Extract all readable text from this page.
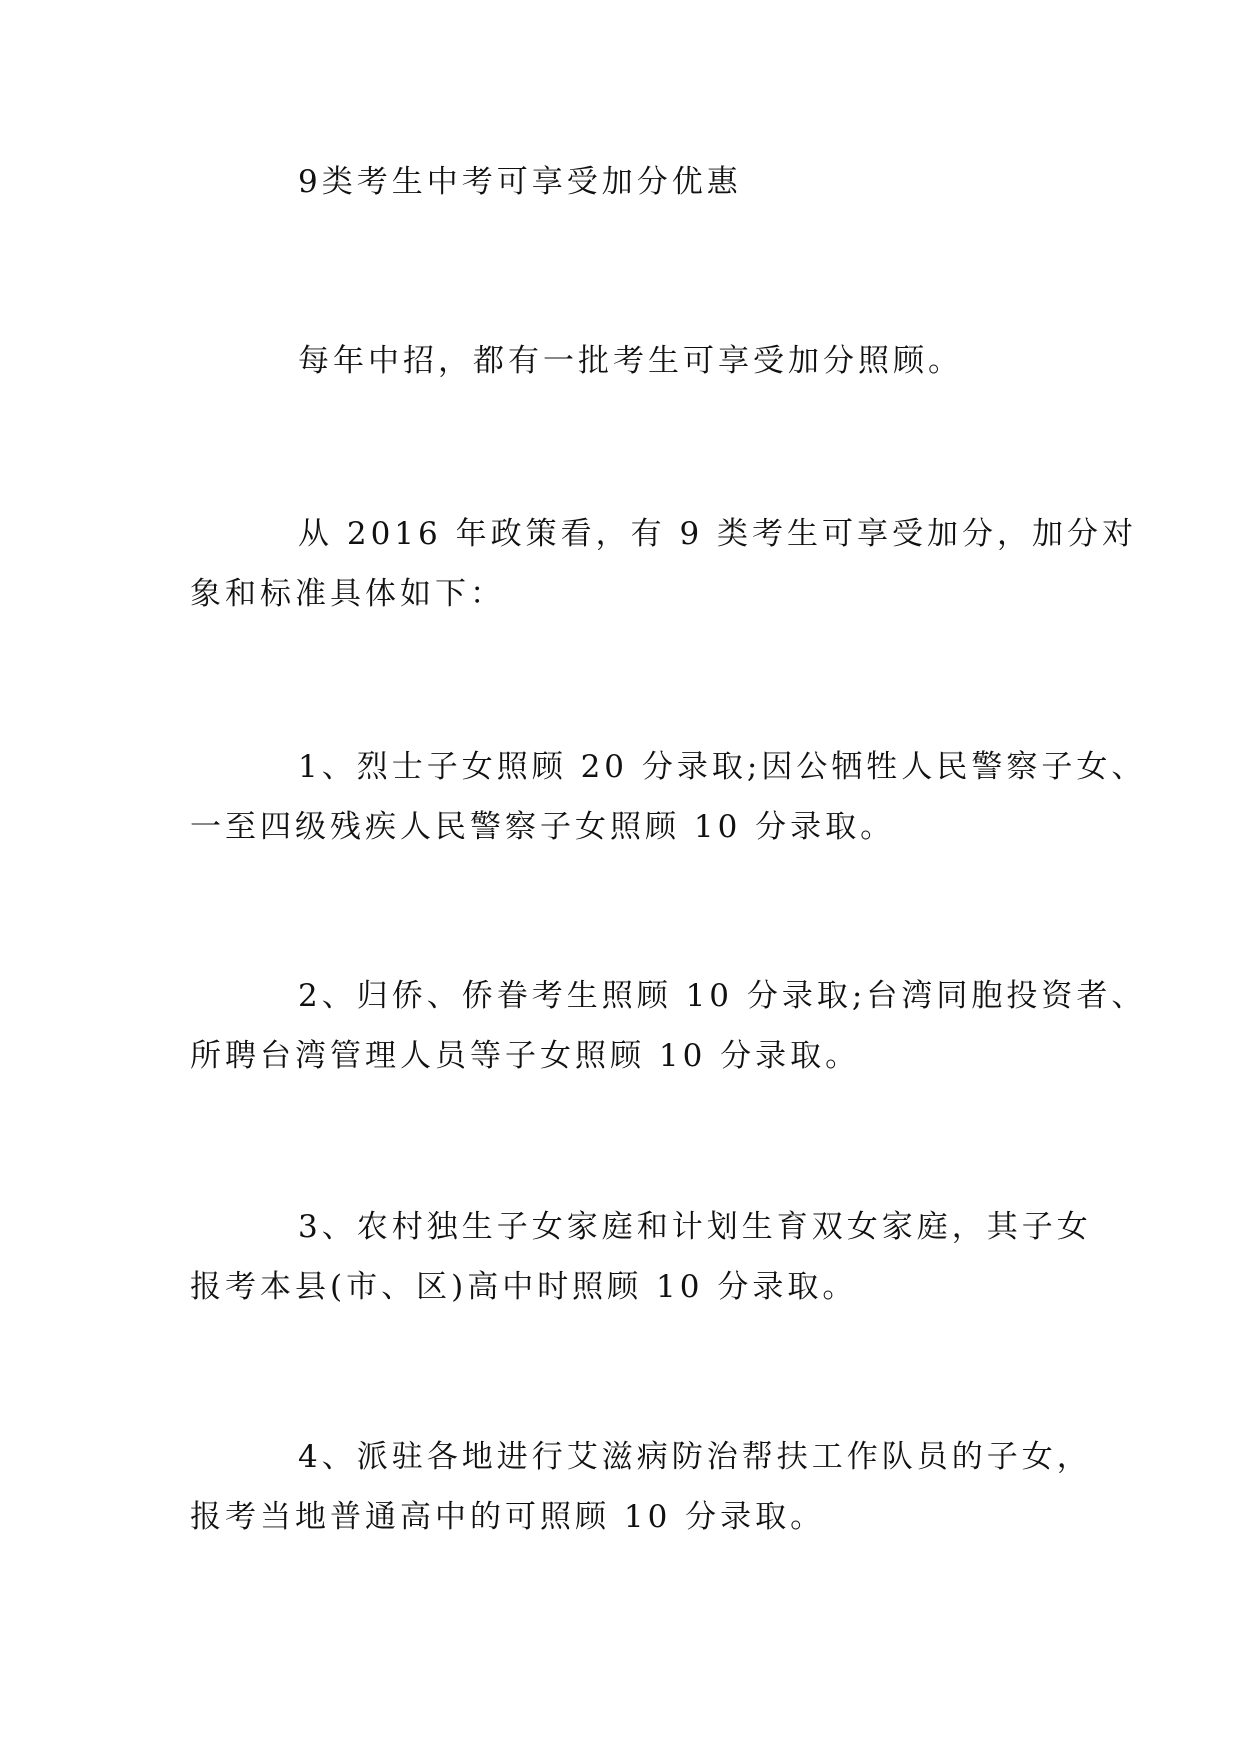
9类考生中考可享受加分优惠
每年中招，都有一批考生可享受加分照顾。
从 2016 年政策看，有 9 类考生可享受加分，加分对
象和标准具体如下：
1、烈士子女照顾 20 分录取;因公牺牲人民警察子女、
一至四级残疾人民警察子女照顾 10 分录取。
2、归侨、侨眷考生照顾 10 分录取;台湾同胞投资者、
所聘台湾管理人员等子女照顾 10 分录取。
3、农村独生子女家庭和计划生育双女家庭，其子女
报考本县(市、区)高中时照顾 10 分录取。
4、派驻各地进行艾滋病防治帮扶工作队员的子女，
报考当地普通高中的可照顾 10 分录取。
